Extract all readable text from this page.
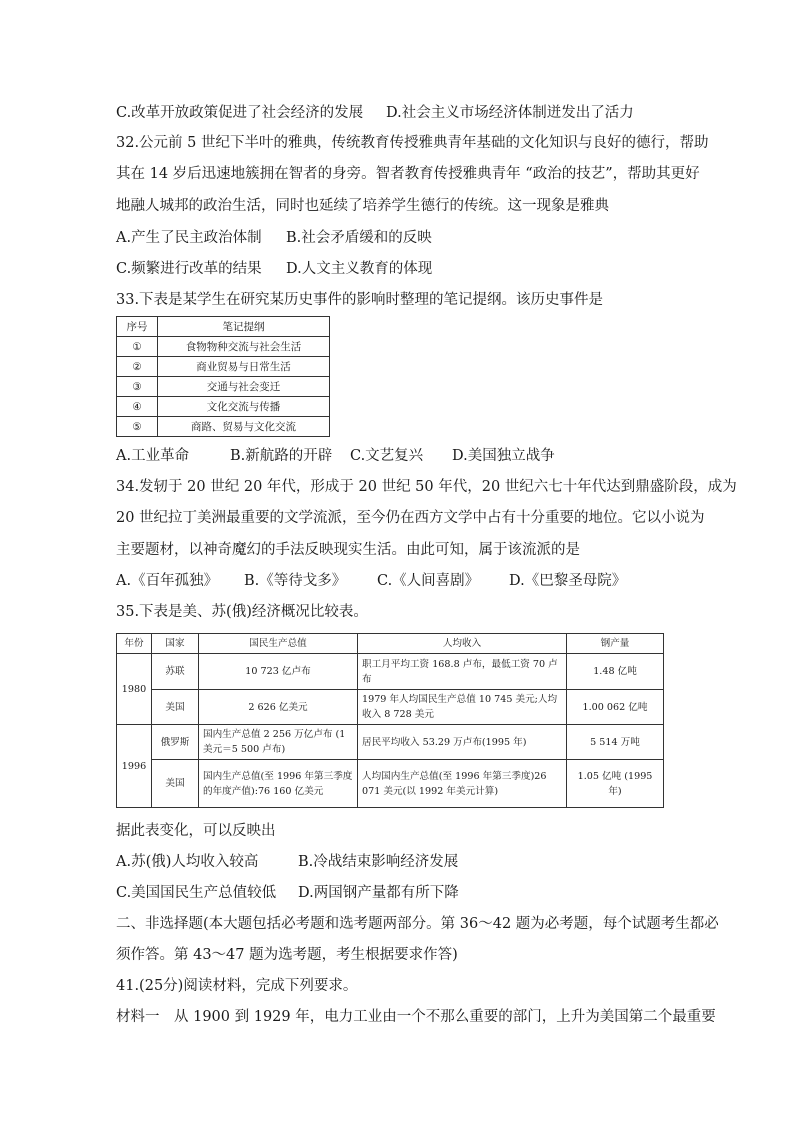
C.改革开放政策促进了社会经济的发展 D.社会主义市场经济体制迸发出了活力
32.公元前 5 世纪下半叶的雅典，传统教育传授雅典青年基础的文化知识与良好的德行，帮助
其在 14 岁后迅速地簇拥在智者的身旁。智者教育传授雅典青年 “政治的技艺”，帮助其更好
地融人城邦的政治生活，同时也延续了培养学生德行的传统。这一现象是雅典
A.产生了民主政治体制 B.社会矛盾缓和的反映
C.频繁进行改革的结果 D.人文主义教育的体现
33.下表是某学生在研究某历史事件的影响时整理的笔记提纲。该历史事件是
序号	笔记提纲
①	食物物种交流与社会生活
②	商业贸易与日常生活
③	交通与社会变迁
④	文化交流与传播
⑤	商路、贸易与文化交流
A.工业革命	B.新航路的开辟 C.文艺复兴 D.美国独立战争
34.发轫于 20 世纪 20 年代，形成于 20 世纪 50 年代，20 世纪六七十年代达到鼎盛阶段，成为
20 世纪拉丁美洲最重要的文学流派，至今仍在西方文学中占有十分重要的地位。它以小说为
主要题材，以神奇魔幻的手法反映现实生活。由此可知，属于该流派的是
A.《百年孤独》 B.《等待戈多》 C.《人间喜剧》 D.《巴黎圣母院》
35.下表是美、苏(俄)经济概况比较表。
年份	国家	国民生产总值	人均收入	钢产量
1980	苏联	10 723 亿卢布	职工月平均工资 168.8 卢布，最低工资 70 卢布	1.48 亿吨
	美国	2 626 亿美元	1979 年人均国民生产总值 10 745 美元;人均收入 8 728 美元	1.00 062 亿吨
1996	俄罗斯	国内生产总值 2 256 万亿卢布 (1 美元＝5 500 卢布)	居民平均收入 53.29 万卢布(1995 年)	5 514 万吨
	美国	国内生产总值(至 1996 年第三季度的年度产值):76 160 亿美元	人均国内生产总值(至 1996 年第三季度)26 071 美元(以 1992 年美元计算)	1.05 亿吨 (1995 年)
据此表变化，可以反映出
A.苏(俄)人均收入较高	B.冷战结束影响经济发展
C.美国国民生产总值较低 D.两国钢产量都有所下降
二、非选择题(本大题包括必考题和选考题两部分。第 36～42 题为必考题，每个试题考生都必
须作答。第 43～47 题为选考题，考生根据要求作答)
41.(25分)阅读材料，完成下列要求。
材料一　从 1900 到 1929 年，电力工业由一个不那么重要的部门，上升为美国第二个最重要
